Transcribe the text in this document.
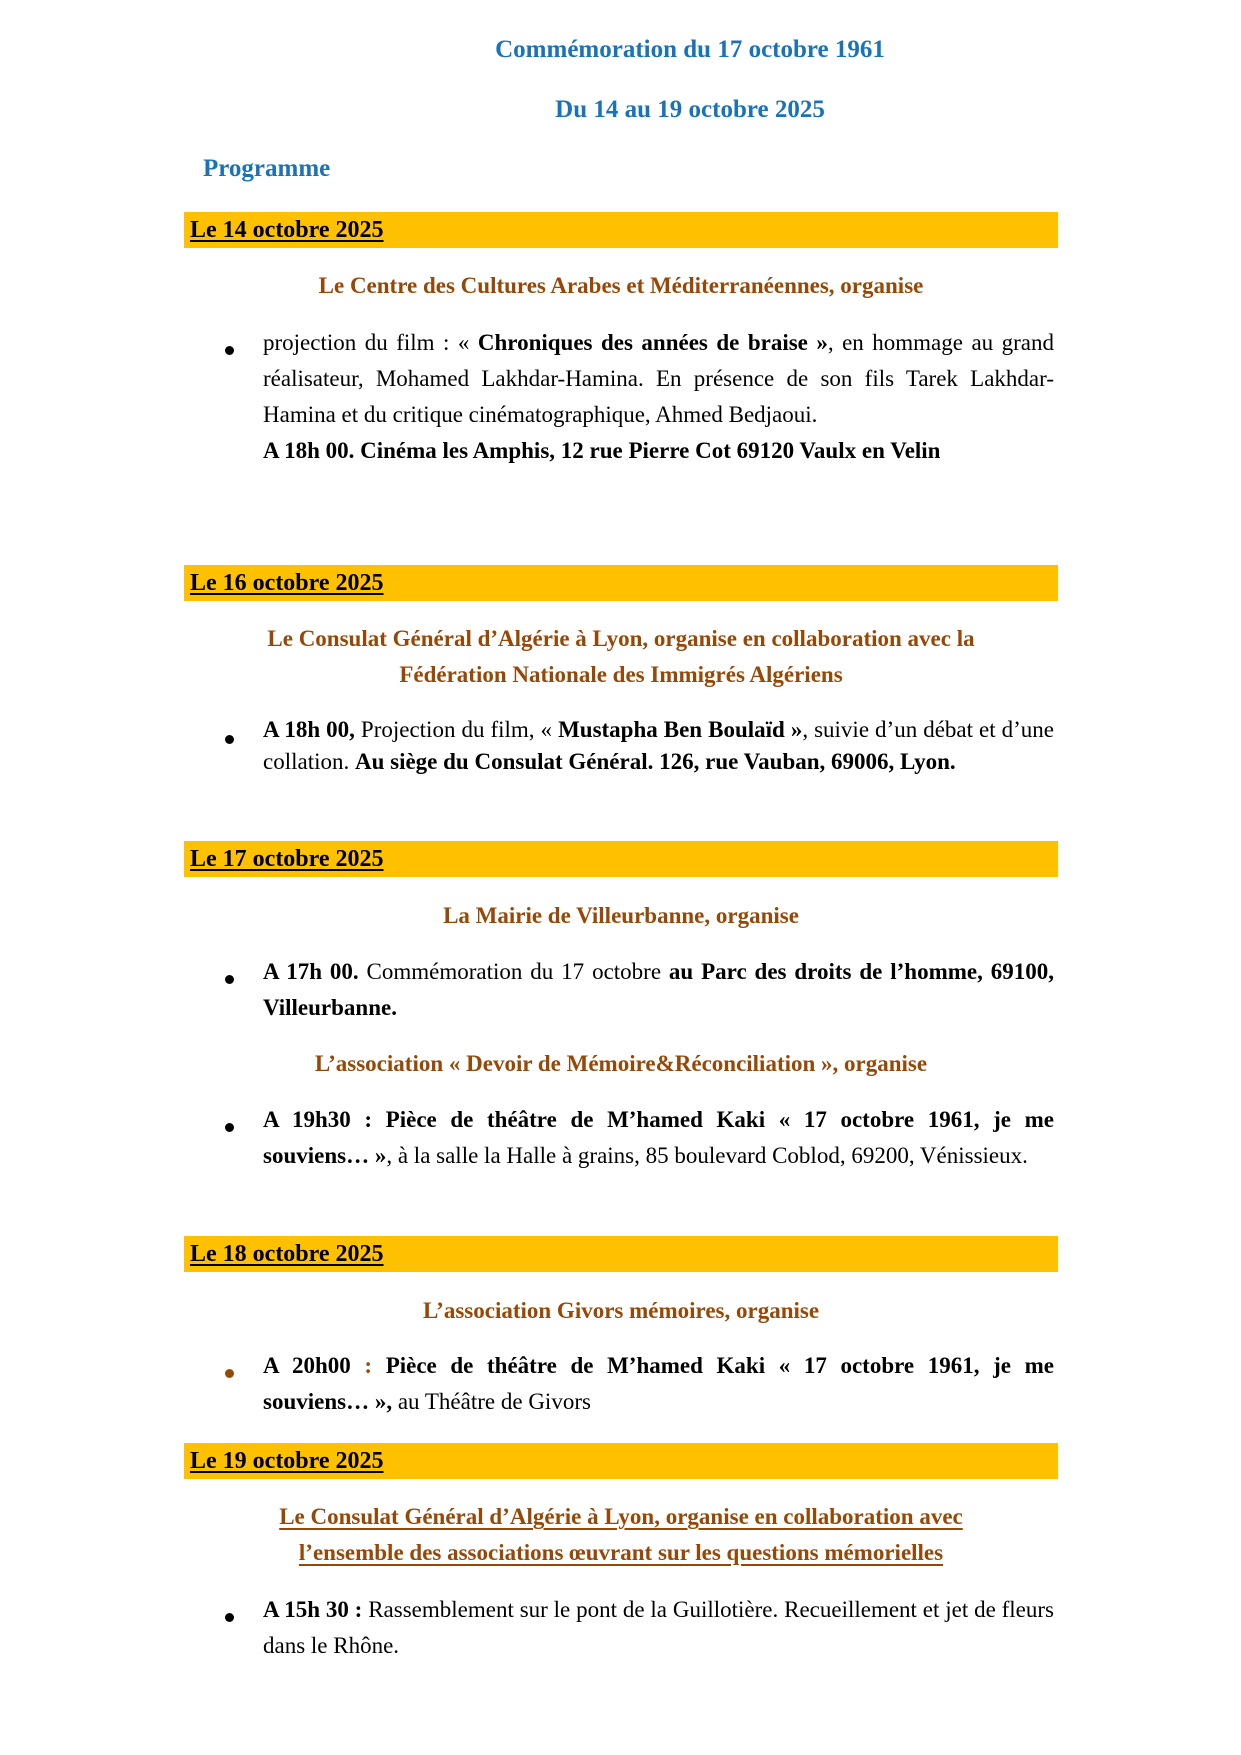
Commémoration du 17 octobre 1961

Du 14 au 19 octobre 2025

Programme

Le 14 octobre 2025

Le Centre des Cultures Arabes et Méditerranéennes, organise

projection du film : « Chroniques des années de braise », en hommage au grand réalisateur, Mohamed Lakhdar-Hamina. En présence de son fils Tarek Lakhdar-Hamina et du critique cinématographique, Ahmed Bedjaoui.
A 18h 00. Cinéma les Amphis, 12 rue Pierre Cot 69120 Vaulx en Velin
Le 16 octobre 2025

Le Consulat Général d’Algérie à Lyon, organise en collaboration avec la

Fédération Nationale des Immigrés Algériens

A 18h 00, Projection du film, « Mustapha Ben Boulaïd », suivie d’un débat et d’une collation. Au siège du Consulat Général. 126, rue Vauban, 69006, Lyon.
Le 17 octobre 2025

La Mairie de Villeurbanne, organise

A 17h 00. Commémoration du 17 octobre au Parc des droits de l’homme, 69100, Villeurbanne.

L’association « Devoir de Mémoire&Réconciliation », organise

A 19h30 : Pièce de théâtre de M’hamed Kaki « 17 octobre 1961, je me souviens… », à la salle la Halle à grains, 85 boulevard Coblod, 69200, Vénissieux.
Le 18 octobre 2025

L’association Givors mémoires, organise

A 20h00 : Pièce de théâtre de M’hamed Kaki « 17 octobre 1961, je me souviens… », au Théâtre de Givors
Le 19 octobre 2025

Le Consulat Général d’Algérie à Lyon, organise en collaboration avec

l’ensemble des associations œuvrant sur les questions mémorielles

A 15h 30 : Rassemblement sur le pont de la Guillotière. Recueillement et jet de fleurs dans le Rhône.
